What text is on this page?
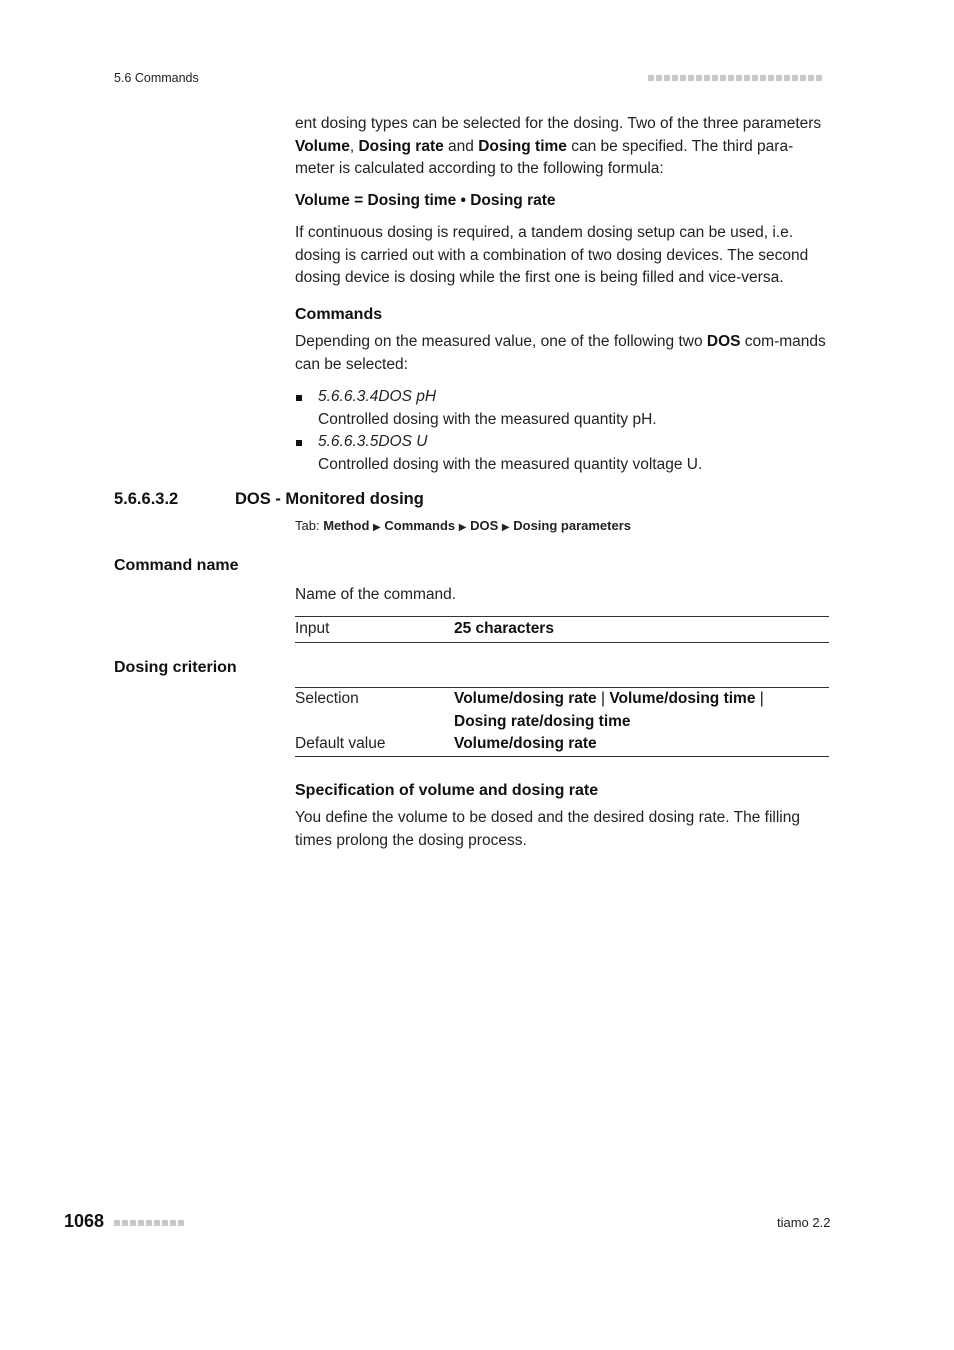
5.6 Commands
ent dosing types can be selected for the dosing. Two of the three parameters Volume, Dosing rate and Dosing time can be specified. The third para-meter is calculated according to the following formula:
Volume = Dosing time • Dosing rate
If continuous dosing is required, a tandem dosing setup can be used, i.e. dosing is carried out with a combination of two dosing devices. The second dosing device is dosing while the first one is being filled and vice-versa.
Commands
Depending on the measured value, one of the following two DOS com-mands can be selected:
5.6.6.3.4DOS pH
Controlled dosing with the measured quantity pH.
5.6.6.3.5DOS U
Controlled dosing with the measured quantity voltage U.
5.6.6.3.2	DOS - Monitored dosing
Tab: Method ▶ Commands ▶ DOS ▶ Dosing parameters
Command name
Name of the command.
Input	25 characters
Dosing criterion
Selection	Volume/dosing rate | Volume/dosing time |
Dosing rate/dosing time
Default value	Volume/dosing rate
Specification of volume and dosing rate
You define the volume to be dosed and the desired dosing rate. The filling times prolong the dosing process.
1068	tiamo 2.2
